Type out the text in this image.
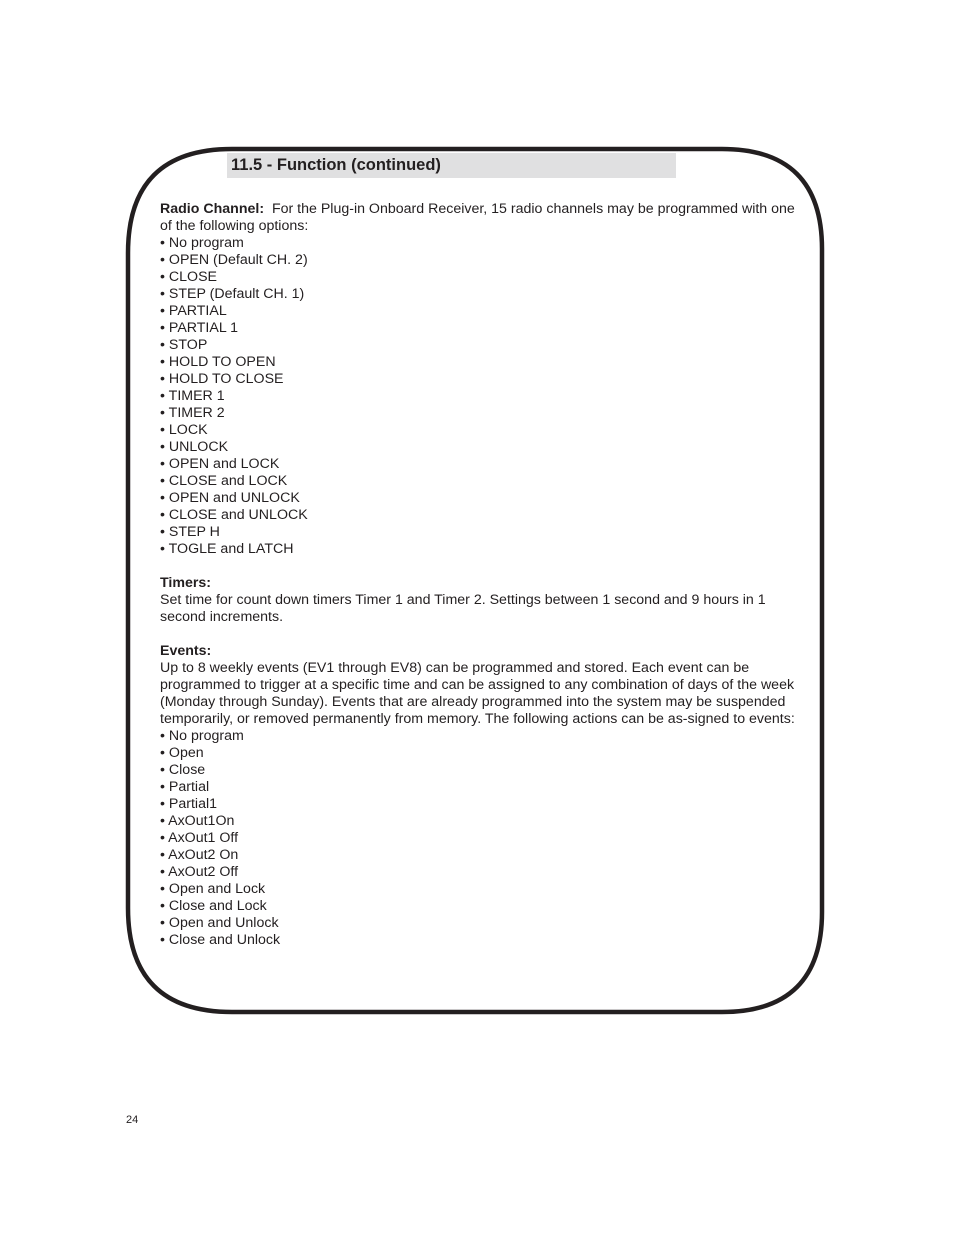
11.5 - Function (continued)

Radio Channel: For the Plug-in Onboard Receiver, 15 radio channels may be programmed with one of the following options:

• No program
• OPEN (Default CH. 2)
• CLOSE
• STEP (Default CH. 1)
• PARTIAL
• PARTIAL 1
• STOP
• HOLD TO OPEN
• HOLD TO CLOSE
• TIMER 1
• TIMER 2
• LOCK
• UNLOCK
• OPEN and LOCK
• CLOSE and LOCK
• OPEN and UNLOCK
• CLOSE and UNLOCK
• STEP H
• TOGLE and LATCH

Timers:

Set time for count down timers Timer 1 and Timer 2. Settings between 1 second and 9 hours in 1 second increments.

Events:

Up to 8 weekly events (EV1 through EV8) can be programmed and stored. Each event can be programmed to trigger at a specific time and can be assigned to any combination of days of the week (Monday through Sunday). Events that are already programmed into the system may be suspended temporarily, or removed permanently from memory. The following actions can be as-signed to events:

• No program
• Open
• Close
• Partial
• Partial1
• AxOut1On
• AxOut1 Off
• AxOut2 On
• AxOut2 Off
• Open and Lock
• Close and Lock
• Open and Unlock
• Close and Unlock
24
